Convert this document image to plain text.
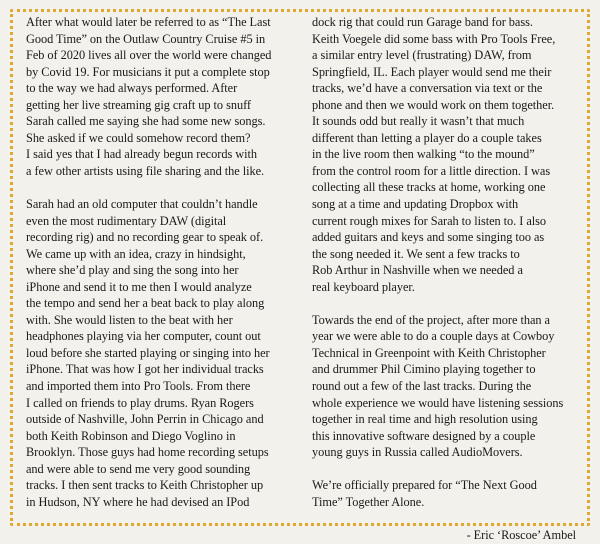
After what would later be referred to as “The Last
Good Time” on the Outlaw Country Cruise #5 in
Feb of 2020 lives all over the world were changed
by Covid 19. For musicians it put a complete stop
to the way we had always performed. After
getting her live streaming gig craft up to snuff
Sarah called me saying she had some new songs.
She asked if we could somehow record them?
I said yes that I had already begun records with
a few other artists using file sharing and the like.

Sarah had an old computer that couldn’t handle
even the most rudimentary DAW (digital
recording rig) and no recording gear to speak of.
We came up with an idea, crazy in hindsight,
where she’d play and sing the song into her
iPhone and send it to me then I would analyze
the tempo and send her a beat back to play along
with. She would listen to the beat with her
headphones playing via her computer, count out
loud before she started playing or singing into her
iPhone. That was how I got her individual tracks
and imported them into Pro Tools. From there
I called on friends to play drums. Ryan Rogers
outside of Nashville, John Perrin in Chicago and
both Keith Robinson and Diego Voglino in
Brooklyn. Those guys had home recording setups
and were able to send me very good sounding
tracks. I then sent tracks to Keith Christopher up
in Hudson, NY where he had devised an IPod

dock rig that could run Garage band for bass.
Keith Voegele did some bass with Pro Tools Free,
a similar entry level (frustrating) DAW, from
Springfield, IL. Each player would send me their
tracks, we’d have a conversation via text or the
phone and then we would work on them together.
It sounds odd but really it wasn’t that much
different than letting a player do a couple takes
in the live room then walking “to the mound”
from the control room for a little direction. I was
collecting all these tracks at home, working one
song at a time and updating Dropbox with
current rough mixes for Sarah to listen to. I also
added guitars and keys and some singing too as
the song needed it. We sent a few tracks to
Rob Arthur in Nashville when we needed a
real keyboard player.

Towards the end of the project, after more than a
year we were able to do a couple days at Cowboy
Technical in Greenpoint with Keith Christopher
and drummer Phil Cimino playing together to
round out a few of the last tracks. During the
whole experience we would have listening sessions
together in real time and high resolution using
this innovative software designed by a couple
young guys in Russia called AudioMovers.

We’re officially prepared for “The Next Good
Time” Together Alone.

- Eric ‘Roscoe’ Ambel
